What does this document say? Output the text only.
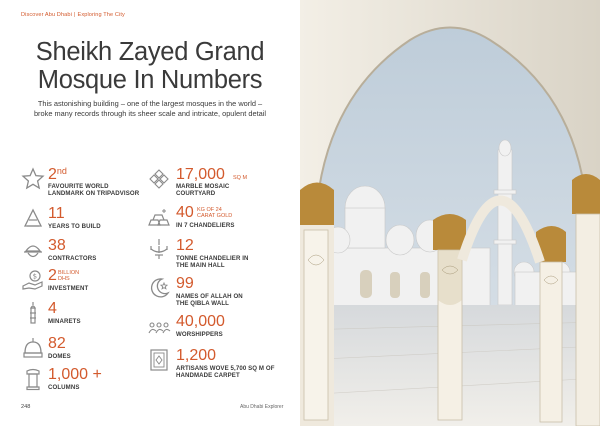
Discover Abu Dhabi | Exploring The City
Sheikh Zayed Grand
Mosque In Numbers
This astonishing building – one of the largest mosques in the world –
broke many records through its sheer scale and intricate, opulent detail
2nd
FAVOURITE WORLD
LANDMARK ON TRIPADVISOR
11
YEARS TO BUILD
38
CONTRACTORS
$ 2 BILLION
DHS
INVESTMENT
4
MINARETS
82
DOMES
1,000 +
COLUMNS
17,000 SQ M
MARBLE MOSAIC
COURTYARD
40 KG OF 24
CARAT GOLD
IN 7 CHANDELIERS
12
TONNE CHANDELIER IN
THE MAIN HALL
99
NAMES OF ALLAH ON
THE QIBLA WALL
40,000
WORSHIPPERS
1,200
ARTISANS WOVE 5,700 SQ M OF
HANDMADE CARPET
248	Abu Dhabi Explorer
